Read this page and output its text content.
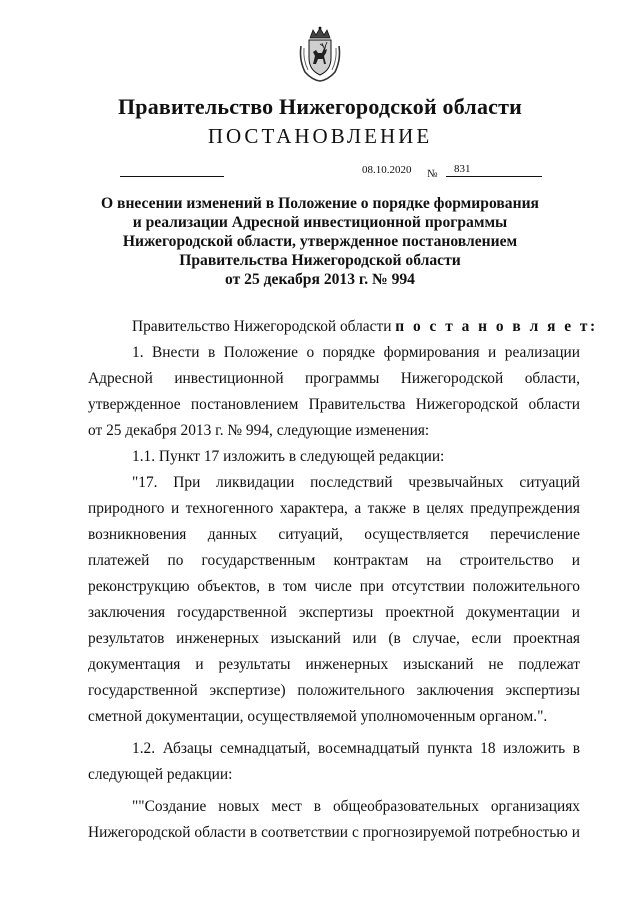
Правительство Нижегородской области
ПОСТАНОВЛЕНИЕ
08.10.2020 № 831
О внесении изменений в Положение о порядке формирования
и реализации Адресной инвестиционной программы
Нижегородской области, утвержденное постановлением
Правительства Нижегородской области
от 25 декабря 2013 г. № 994
Правительство Нижегородской области п о с т а н о в л я е т:
1. Внести в Положение о порядке формирования и реализации
Адресной инвестиционной программы Нижегородской области,
утвержденное постановлением Правительства Нижегородской области
от 25 декабря 2013 г. № 994, следующие изменения:
1.1. Пункт 17 изложить в следующей редакции:
"17. При ликвидации последствий чрезвычайных ситуаций
природного и техногенного характера, а также в целях предупреждения
возникновения данных ситуаций, осуществляется перечисление
платежей по государственным контрактам на строительство и
реконструкцию объектов, в том числе при отсутствии положительного
заключения государственной экспертизы проектной документации и
результатов инженерных изысканий или (в случае, если проектная
документация и результаты инженерных изысканий не подлежат
государственной экспертизе) положительного заключения экспертизы
сметной документации, осуществляемой уполномоченным органом.".
1.2. Абзацы семнадцатый, восемнадцатый пункта 18 изложить в
следующей редакции:
""Создание новых мест в общеобразовательных организациях
Нижегородской области в соответствии с прогнозируемой потребностью и
